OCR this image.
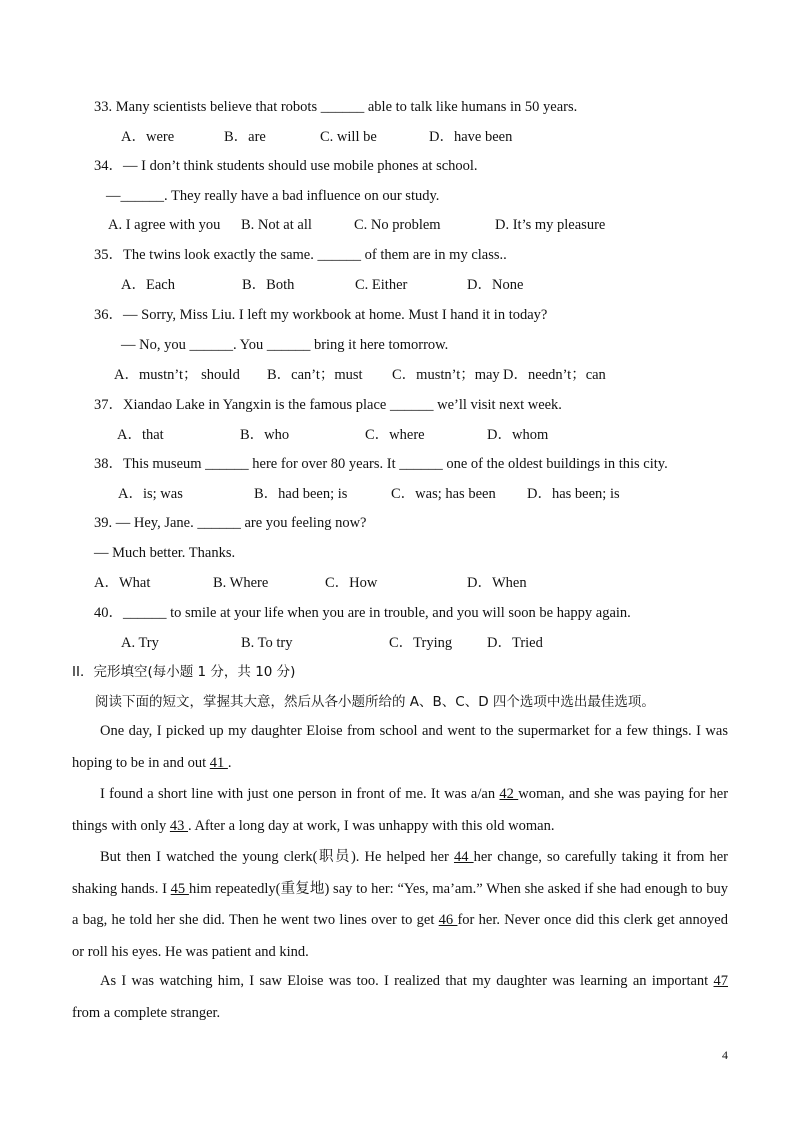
33. Many scientists believe that robots ______ able to talk like humans in 50 years.
A．were	B．are	C. will be	D．have been
34．— I don’t think students should use mobile phones at school.
—______. They really have a bad influence on our study.
A. I agree with you B. Not at all	C. No problem	D. It’s my pleasure
35．The twins look exactly the same. ______ of them are in my class..
A．Each	B．Both	C. Either	D．None
36．— Sorry, Miss Liu. I left my workbook at home. Must I hand it in today?
— No, you ______. You ______ bring it here tomorrow.
A．mustn’t； should B．can’t；must C．mustn’t；may D．needn’t；can
37．Xiandao Lake in Yangxin is the famous place ______ we’ll visit next week.
A．that	B．who	C．where	D．whom
38．This museum ______ here for over 80 years. It ______ one of the oldest buildings in this city.
A．is; was	B．had been; is	C．was; has been D．has been; is
39. — Hey, Jane. ______ are you feeling now?
— Much better. Thanks.
A．What	B. Where	C．How	D．When
40．______ to smile at your life when you are in trouble, and you will soon be happy again.
A. Try	B. To try	C．Trying D．Tried
II．完形填空(每小题 1 分，共 10 分)
阅读下面的短文，掌握其大意，然后从各小题所给的 A、B、C、D 四个选项中选出最佳选项。
One day, I picked up my daughter Eloise from school and went to the supermarket for a few things. I was hoping to be in and out 41 .
I found a short line with just one person in front of me. It was a/an 42 woman, and she was paying for her things with only 43 . After a long day at work, I was unhappy with this old woman.
But then I watched the young clerk(职员). He helped her 44 her change, so carefully taking it from her shaking hands. I 45 him repeatedly(重复地) say to her: “Yes, ma’am.” When she asked if she had enough to buy a bag, he told her she did. Then he went two lines over to get 46 for her. Never once did this clerk get annoyed or roll his eyes. He was patient and kind.
As I was watching him, I saw Eloise was too. I realized that my daughter was learning an important 47 from a complete stranger.
4
